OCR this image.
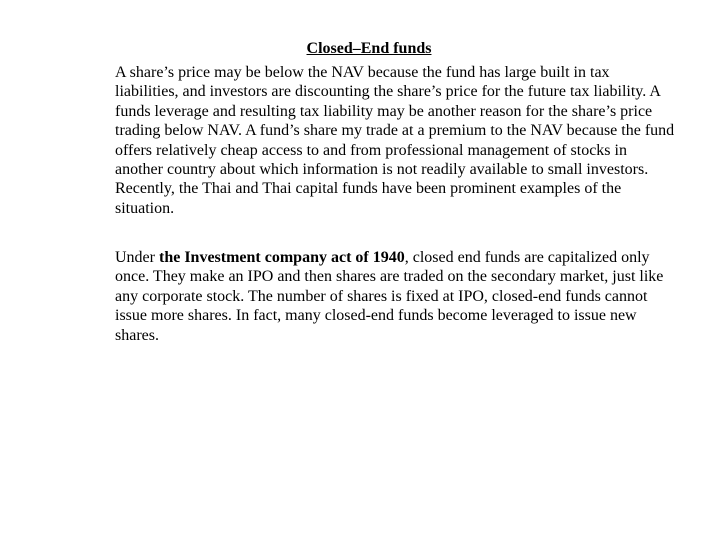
Closed–End funds

A share’s price may be below the NAV because the fund has large built in tax liabilities, and investors are discounting the share’s price for the future tax liability. A funds leverage and resulting tax liability may be another reason for the share’s price trading below NAV. A fund’s share my trade at a premium to the NAV because the fund offers relatively cheap access to and from professional management of stocks in another country about which information is not readily available to small investors. Recently, the Thai and Thai capital funds have been prominent examples of the situation.

Under the Investment company act of 1940, closed end funds are capitalized only once. They make an IPO and then shares are traded on the secondary market, just like any corporate stock. The number of shares is fixed at IPO, closed-end funds cannot issue more shares. In fact, many closed-end funds become leveraged to issue new shares.
